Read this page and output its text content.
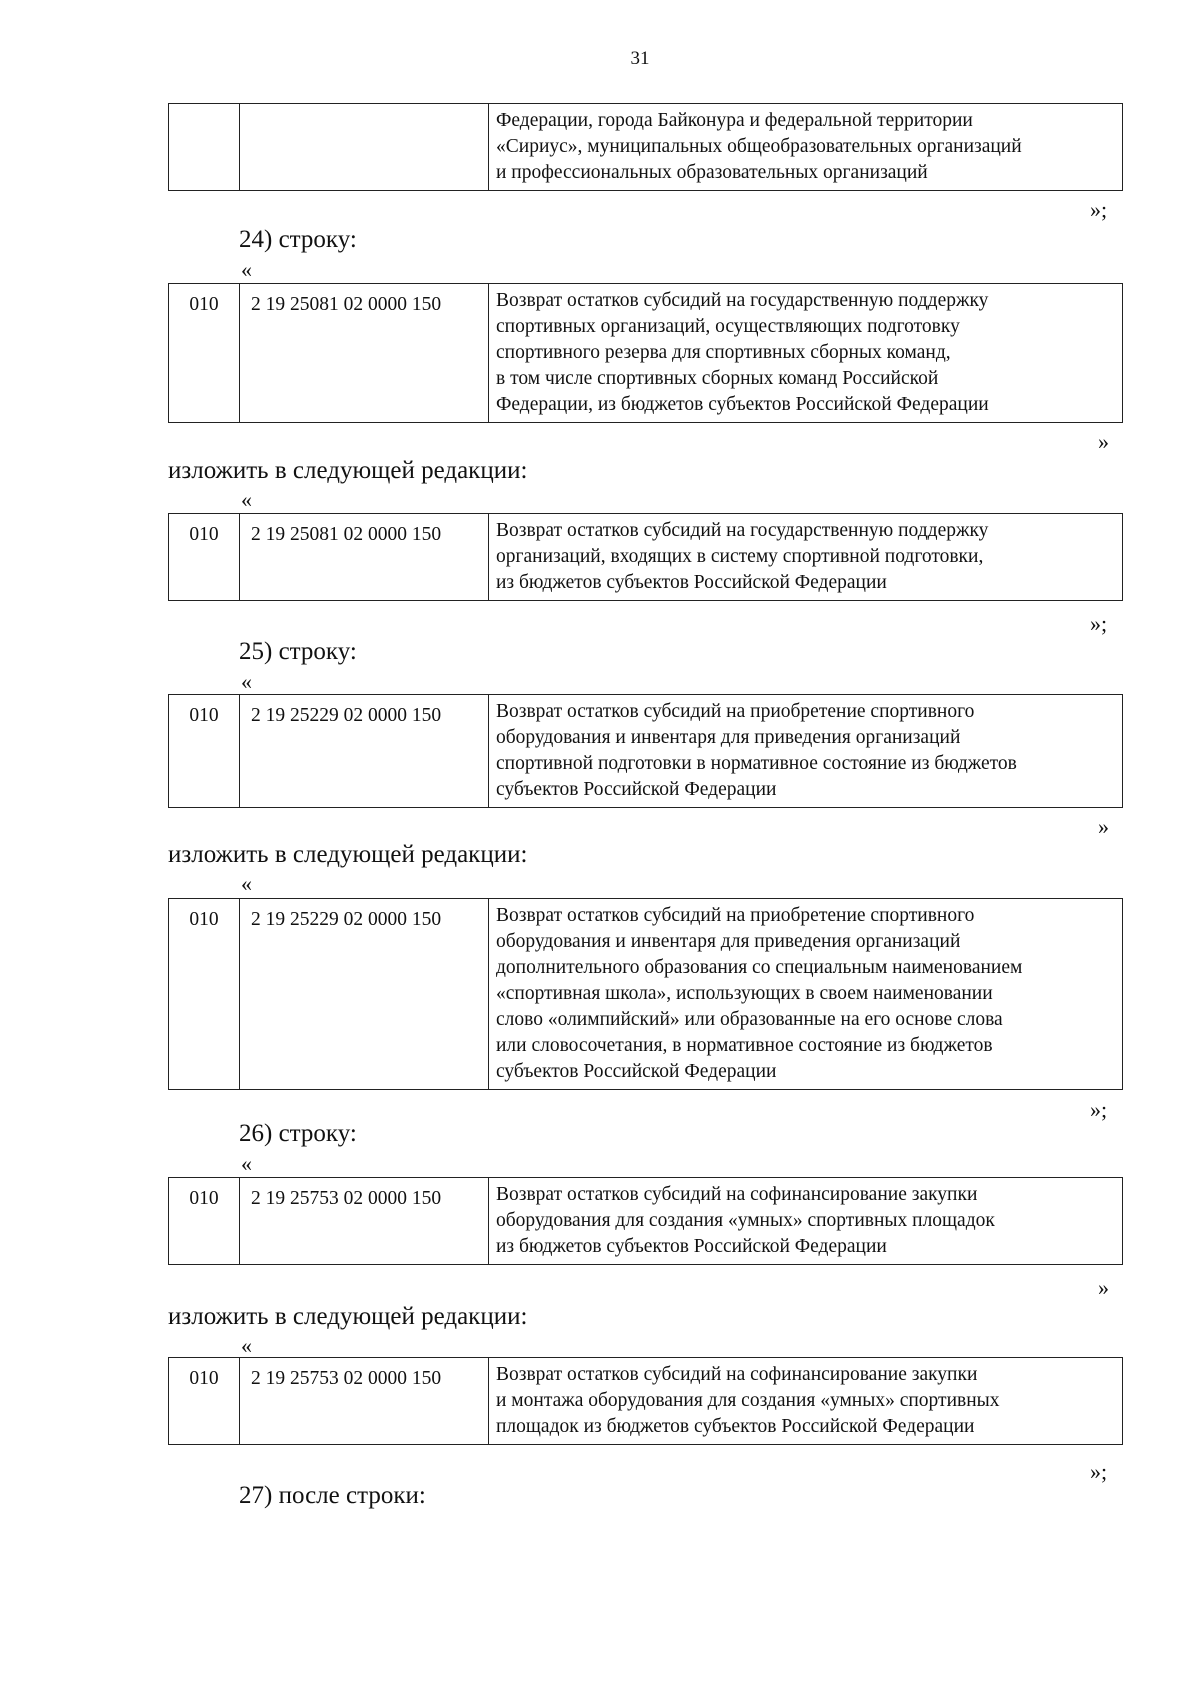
31

Федерации, города Байконура и федеральной территории
«Сириус», муниципальных общеобразовательных организаций
и профессиональных образовательных организаций
»;
24) строку:
«
010	2 19 25081 02 0000 150	Возврат остатков субсидий на государственную поддержку
спортивных организаций, осуществляющих подготовку
спортивного резерва для спортивных сборных команд,
в том числе спортивных сборных команд Российской
Федерации, из бюджетов субъектов Российской Федерации
»
изложить в следующей редакции:
«
010	2 19 25081 02 0000 150	Возврат остатков субсидий на государственную поддержку
организаций, входящих в систему спортивной подготовки,
из бюджетов субъектов Российской Федерации
»;
25) строку:
«
010	2 19 25229 02 0000 150	Возврат остатков субсидий на приобретение спортивного
оборудования и инвентаря для приведения организаций
спортивной подготовки в нормативное состояние из бюджетов
субъектов Российской Федерации
»
изложить в следующей редакции:
«
010	2 19 25229 02 0000 150	Возврат остатков субсидий на приобретение спортивного
оборудования и инвентаря для приведения организаций
дополнительного образования со специальным наименованием
«спортивная школа», использующих в своем наименовании
слово «олимпийский» или образованные на его основе слова
или словосочетания, в нормативное состояние из бюджетов
субъектов Российской Федерации
»;
26) строку:
«
010	2 19 25753 02 0000 150	Возврат остатков субсидий на софинансирование закупки
оборудования для создания «умных» спортивных площадок
из бюджетов субъектов Российской Федерации
»
изложить в следующей редакции:
«
010	2 19 25753 02 0000 150	Возврат остатков субсидий на софинансирование закупки
и монтажа оборудования для создания «умных» спортивных
площадок из бюджетов субъектов Российской Федерации
»;
27) после строки:
